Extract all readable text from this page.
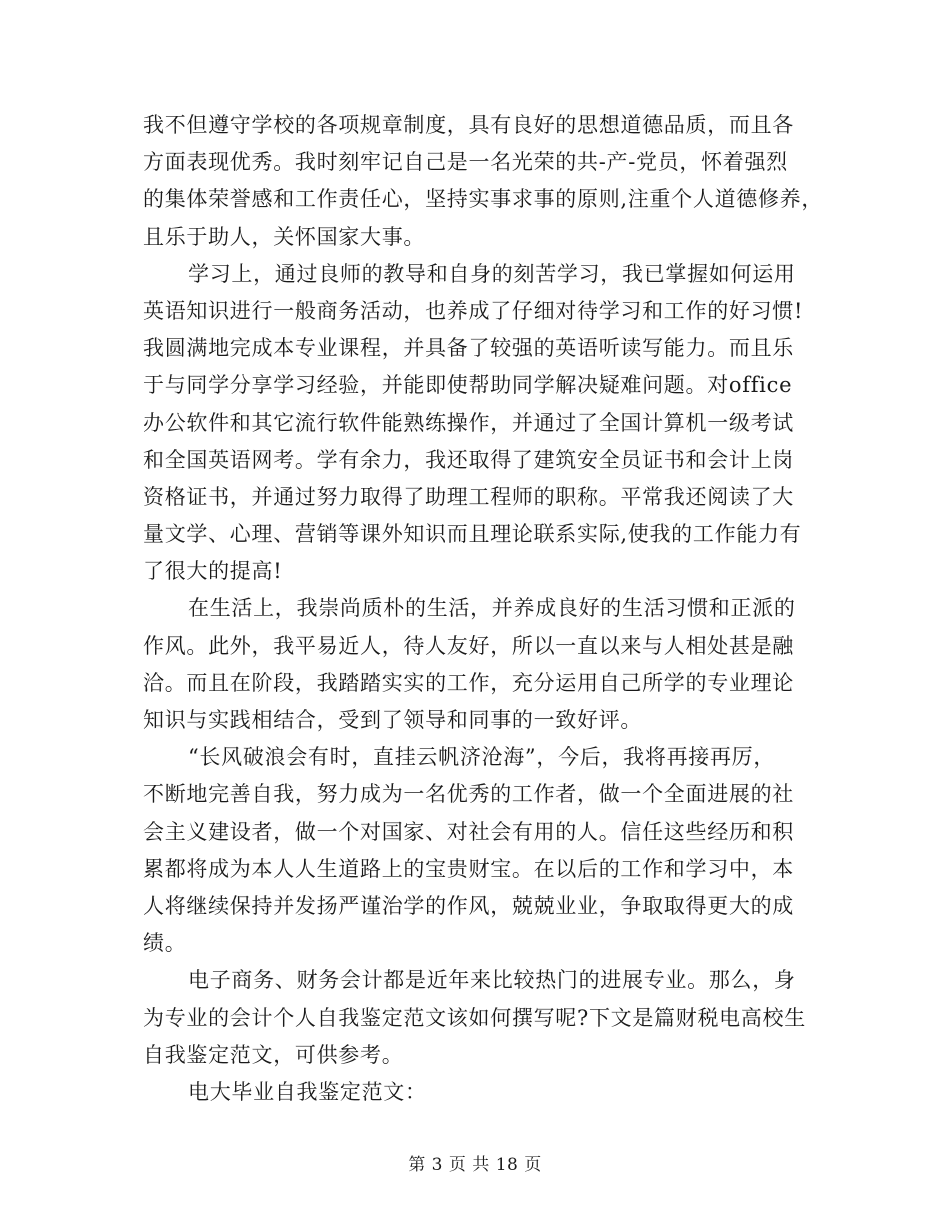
我不但遵守学校的各项规章制度，具有良好的思想道德品质，而且各
方面表现优秀。我时刻牢记自己是一名光荣的共-产-党员，怀着强烈
的集体荣誉感和工作责任心，坚持实事求事的原则,注重个人道德修养，
且乐于助人，关怀国家大事。
学习上，通过良师的教导和自身的刻苦学习，我已掌握如何运用
英语知识进行一般商务活动，也养成了仔细对待学习和工作的好习惯!
我圆满地完成本专业课程，并具备了较强的英语听读写能力。而且乐
于与同学分享学习经验，并能即使帮助同学解决疑难问题。对office
办公软件和其它流行软件能熟练操作，并通过了全国计算机一级考试
和全国英语网考。学有余力，我还取得了建筑安全员证书和会计上岗
资格证书，并通过努力取得了助理工程师的职称。平常我还阅读了大
量文学、心理、营销等课外知识而且理论联系实际,使我的工作能力有
了很大的提高!
在生活上，我崇尚质朴的生活，并养成良好的生活习惯和正派的
作风。此外，我平易近人，待人友好，所以一直以来与人相处甚是融
洽。而且在阶段，我踏踏实实的工作，充分运用自己所学的专业理论
知识与实践相结合，受到了领导和同事的一致好评。
“长风破浪会有时，直挂云帆济沧海”，今后，我将再接再厉，
不断地完善自我，努力成为一名优秀的工作者，做一个全面进展的社
会主义建设者，做一个对国家、对社会有用的人。信任这些经历和积
累都将成为本人人生道路上的宝贵财宝。在以后的工作和学习中，本
人将继续保持并发扬严谨治学的作风，兢兢业业，争取取得更大的成
绩。
电子商务、财务会计都是近年来比较热门的进展专业。那么，身
为专业的会计个人自我鉴定范文该如何撰写呢?下文是篇财税电高校生
自我鉴定范文，可供参考。
电大毕业自我鉴定范文：
第 3 页 共 18 页
